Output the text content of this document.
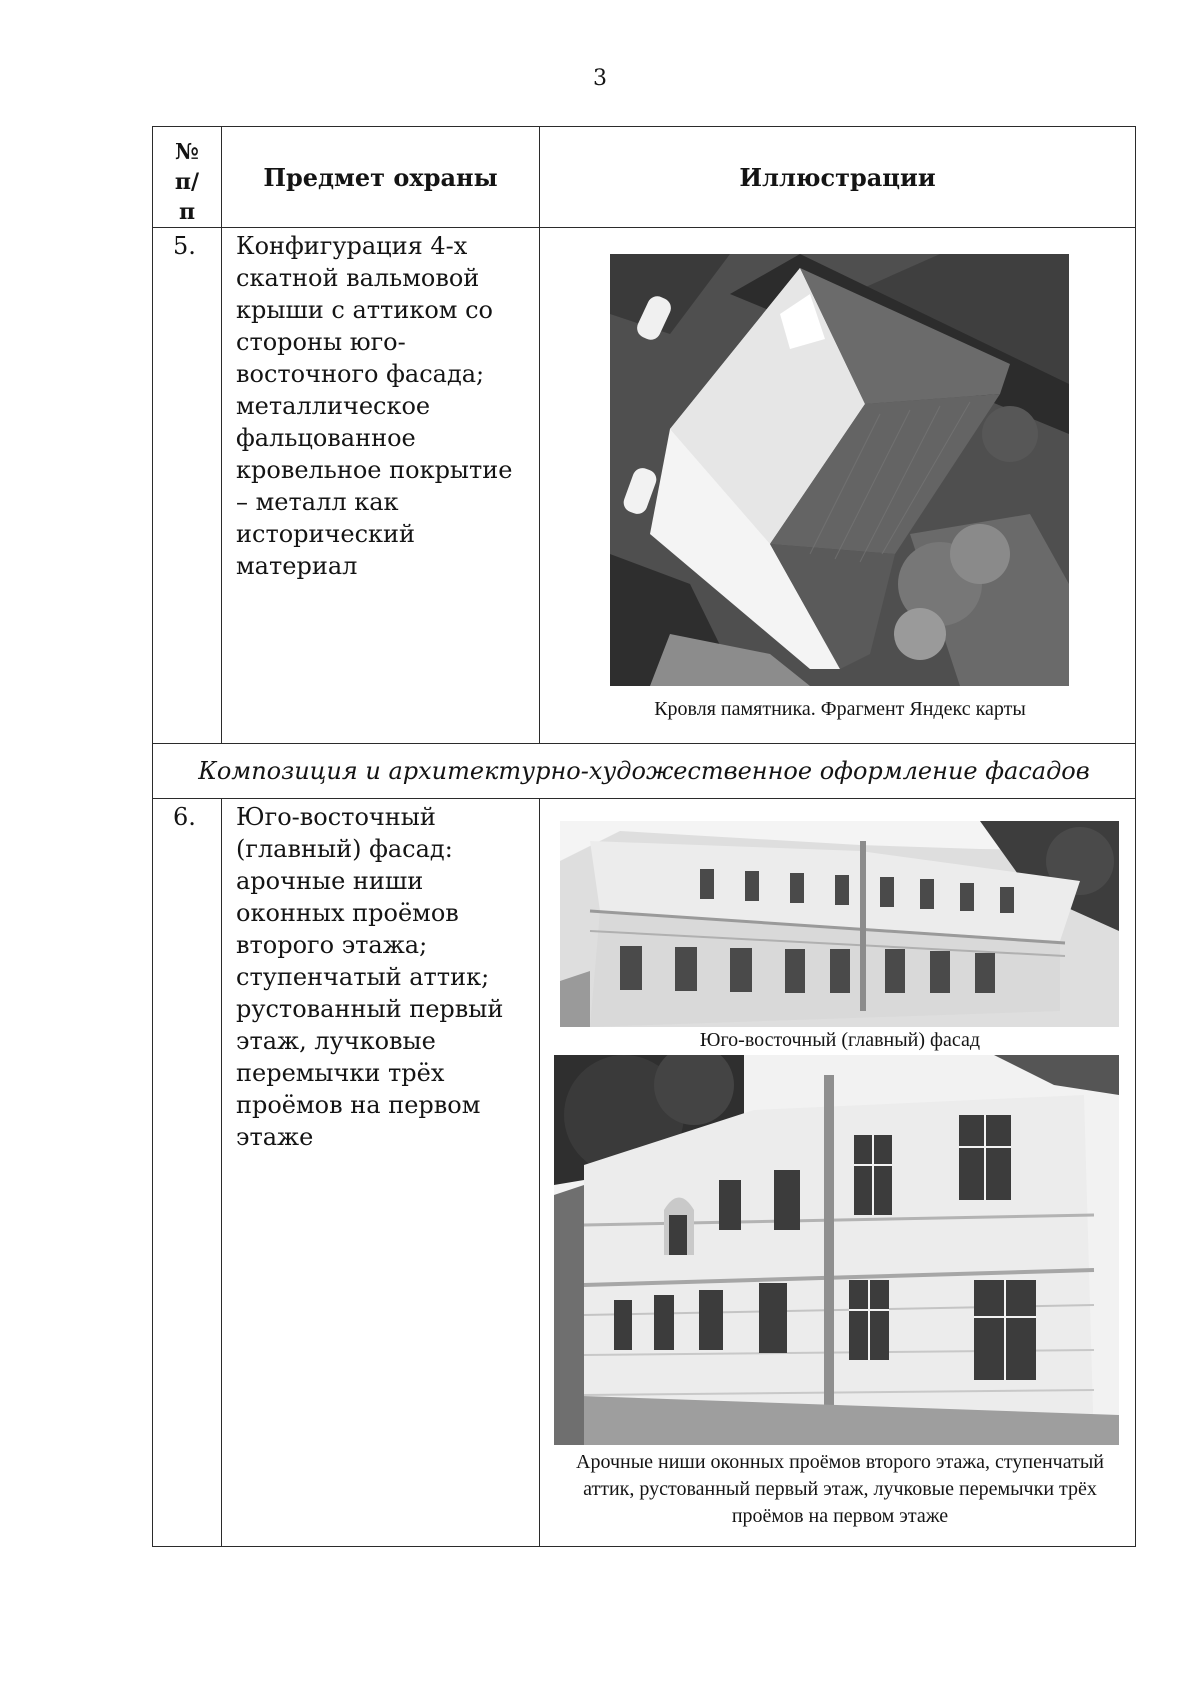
3
№ п/п	Предмет охраны	Иллюстрации
5.	Конфигурация 4-х скатной вальмовой крыши с аттиком со стороны юго-восточного фасада; металлическое фальцованное кровельное покрытие – металл как исторический материал	Кровля памятника. Фрагмент Яндекс карты

Композиция и архитектурно-художественное оформление фасадов		
6.	Юго-восточный (главный) фасад: арочные ниши оконных проёмов второго этажа; ступенчатый аттик; рустованный первый этаж, лучковые перемычки трёх проёмов на первом этаже	Юго-восточный (главный) фасад
Арочные ниши оконных проёмов второго этажа, ступенчатый аттик, рустованный первый этаж, лучковые перемычки трёх проёмов на первом этаже
